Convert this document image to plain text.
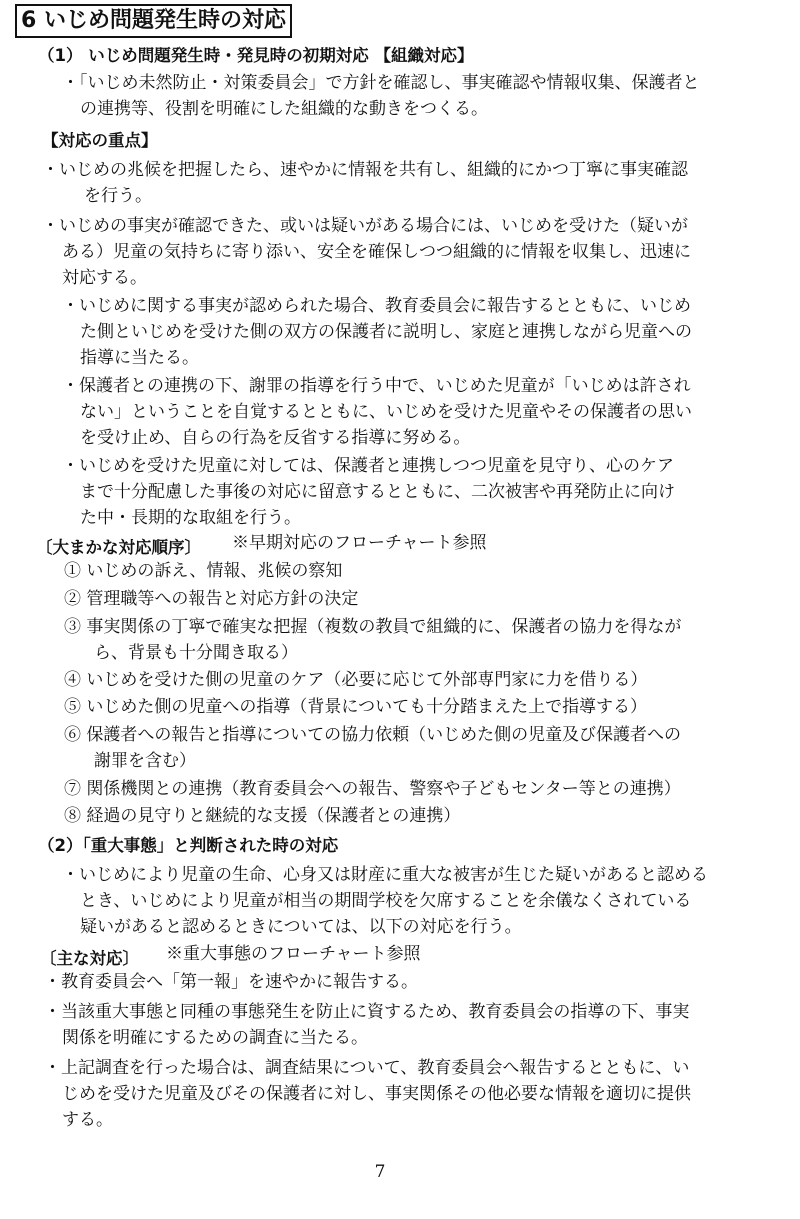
6 いじめ問題発生時の対応
（1） いじめ問題発生時・発見時の初期対応 【組織対応】
・「いじめ未然防止・対策委員会」で方針を確認し、事実確認や情報収集、保護者と
の連携等、役割を明確にした組織的な動きをつくる。
【対応の重点】
・いじめの兆候を把握したら、速やかに情報を共有し、組織的にかつ丁寧に事実確認
を行う。
・いじめの事実が確認できた、或いは疑いがある場合には、いじめを受けた（疑いが
ある）児童の気持ちに寄り添い、安全を確保しつつ組織的に情報を収集し、迅速に
対応する。
・いじめに関する事実が認められた場合、教育委員会に報告するとともに、いじめ
た側といじめを受けた側の双方の保護者に説明し、家庭と連携しながら児童への
指導に当たる。
・保護者との連携の下、謝罪の指導を行う中で、いじめた児童が「いじめは許され
ない」ということを自覚するとともに、いじめを受けた児童やその保護者の思い
を受け止め、自らの行為を反省する指導に努める。
・いじめを受けた児童に対しては、保護者と連携しつつ児童を見守り、心のケア
まで十分配慮した事後の対応に留意するとともに、二次被害や再発防止に向け
た中・長期的な取組を行う。
〔大まかな対応順序〕 ※早期対応のフローチャート参照
① いじめの訴え、情報、兆候の察知
② 管理職等への報告と対応方針の決定
③ 事実関係の丁寧で確実な把握（複数の教員で組織的に、保護者の協力を得なが
ら、背景も十分聞き取る）
④ いじめを受けた側の児童のケア（必要に応じて外部専門家に力を借りる）
⑤ いじめた側の児童への指導（背景についても十分踏まえた上で指導する）
⑥ 保護者への報告と指導についての協力依頼（いじめた側の児童及び保護者への
謝罪を含む）
⑦ 関係機関との連携（教育委員会への報告、警察や子どもセンター等との連携）
⑧ 経過の見守りと継続的な支援（保護者との連携）
（2）「重大事態」と判断された時の対応
・いじめにより児童の生命、心身又は財産に重大な被害が生じた疑いがあると認める
とき、いじめにより児童が相当の期間学校を欠席することを余儀なくされている
疑いがあると認めるときについては、以下の対応を行う。
〔主な対応〕 ※重大事態のフローチャート参照
・教育委員会へ「第一報」を速やかに報告する。
・当該重大事態と同種の事態発生を防止に資するため、教育委員会の指導の下、事実
関係を明確にするための調査に当たる。
・上記調査を行った場合は、調査結果について、教育委員会へ報告するとともに、い
じめを受けた児童及びその保護者に対し、事実関係その他必要な情報を適切に提供
する。
7
